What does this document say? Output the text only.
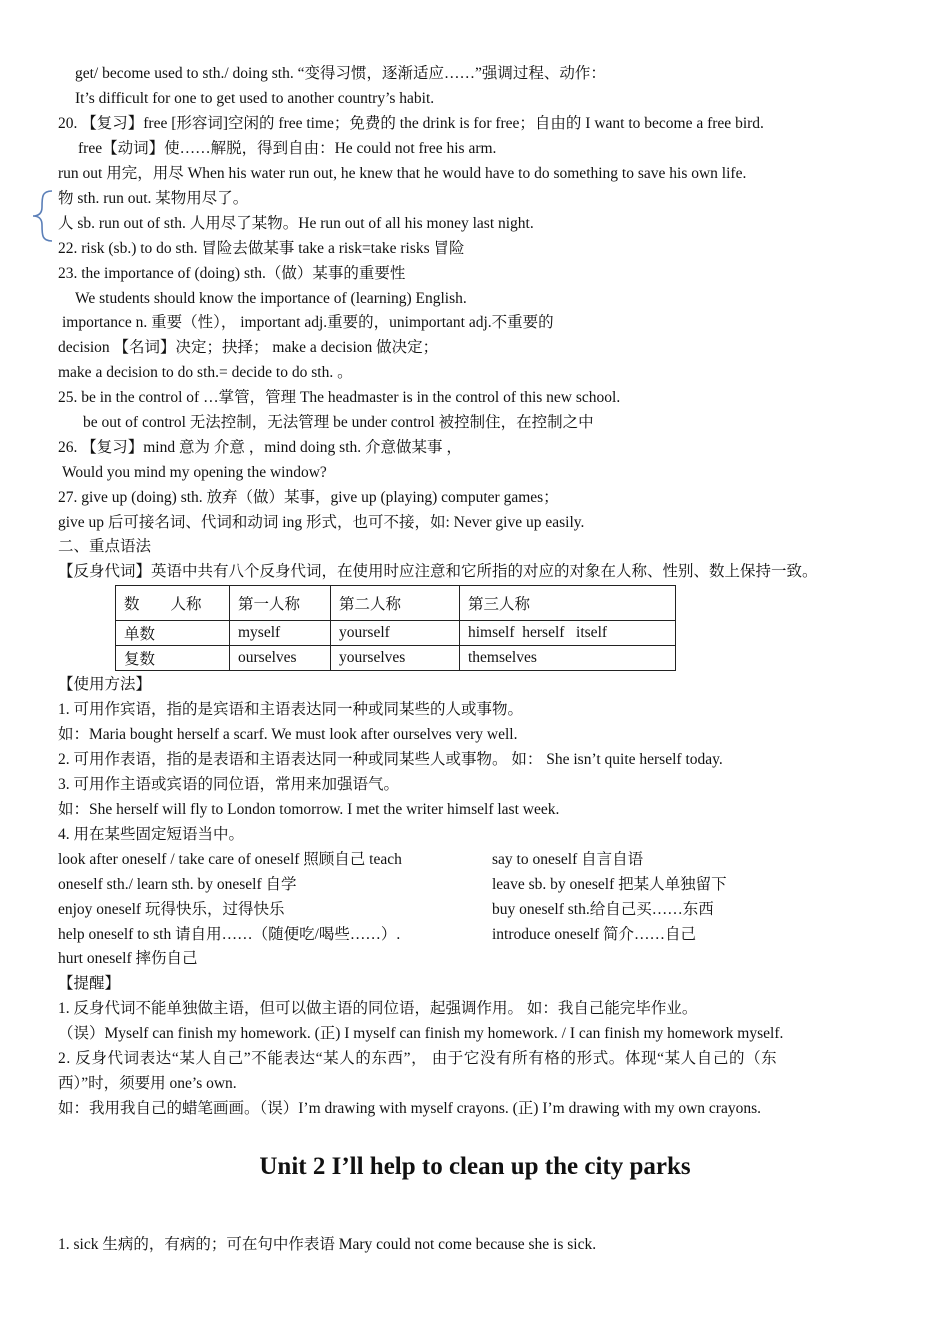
get/ become used to sth./ doing sth. “变得习惯，逐渐适应……”强调过程、动作：
It’s difficult for one to get used to another country’s habit.
20. 【复习】free [形容词]空闲的 free time；免费的 the drink is for free；自由的 I want to become a free bird.
free【动词】使……解脱，得到自由：He could not free his arm.
run out 用完，用尽 When his water run out, he knew that he would have to do something to save his own life.
物 sth. run out. 某物用尽了。
人 sb. run out of sth. 人用尽了某物。He run out of all his money last night.
22. risk (sb.) to do sth. 冒险去做某事 take a risk=take risks 冒险
23. the importance of (doing) sth.（做）某事的重要性
We students should know the importance of (learning) English.
importance n. 重要（性）， important adj.重要的，unimportant adj.不重要的
decision 【名词】决定；抉择； make a decision 做决定；
make a decision to do sth.= decide to do sth. 。
25. be in the control of …掌管，管理 The headmaster is in the control of this new school.
be out of control 无法控制，无法管理 be under control 被控制住，在控制之中
26. 【复习】mind 意为 介意 ，mind doing sth. 介意做某事 ，
Would you mind my opening the window?
27. give up (doing) sth. 放弃（做）某事，give up (playing) computer games；
give up 后可接名词、代词和动词 ing 形式，也可不接，如: Never give up easily.
二、重点语法
【反身代词】英语中共有八个反身代词，在使用时应注意和它所指的对应的对象在人称、性别、数上保持一致。
数        人称	第一人称	第二人称	第三人称
单数	myself	yourself	himself  herself   itself
复数	ourselves	yourselves	themselves
【使用方法】
1. 可用作宾语，指的是宾语和主语表达同一种或同某些的人或事物。
如：Maria bought herself a scarf. We must look after ourselves very well.
2. 可用作表语，指的是表语和主语表达同一种或同某些人或事物。 如： She isn’t quite herself today.
3. 可用作主语或宾语的同位语，常用来加强语气。
如：She herself will fly to London tomorrow. I met the writer himself last week.
4. 用在某些固定短语当中。
look after oneself / take care of oneself 照顾自己 teach
oneself sth./ learn sth. by oneself 自学
enjoy oneself 玩得快乐，过得快乐
help oneself to sth 请自用……（随便吃/喝些……）.
hurt oneself 摔伤自己
say to oneself 自言自语
leave sb. by oneself 把某人单独留下
buy oneself sth.给自己买……东西
introduce oneself 简介……自己
【提醒】
1. 反身代词不能单独做主语，但可以做主语的同位语，起强调作用。 如：我自己能完毕作业。
（误）Myself can finish my homework. (正) I myself can finish my homework. / I can finish my homework myself.
2. 反身代词表达“某人自己”不能表达“某人的东西”， 由于它没有所有格的形式。体现“某人自己的（东
西）”时，须要用 one’s own.
如：我用我自己的蜡笔画画。（误）I’m drawing with myself crayons. (正) I’m drawing with my own crayons.
Unit 2 I’ll help to clean up the city parks
1. sick 生病的，有病的；可在句中作表语 Mary could not come because she is sick.
